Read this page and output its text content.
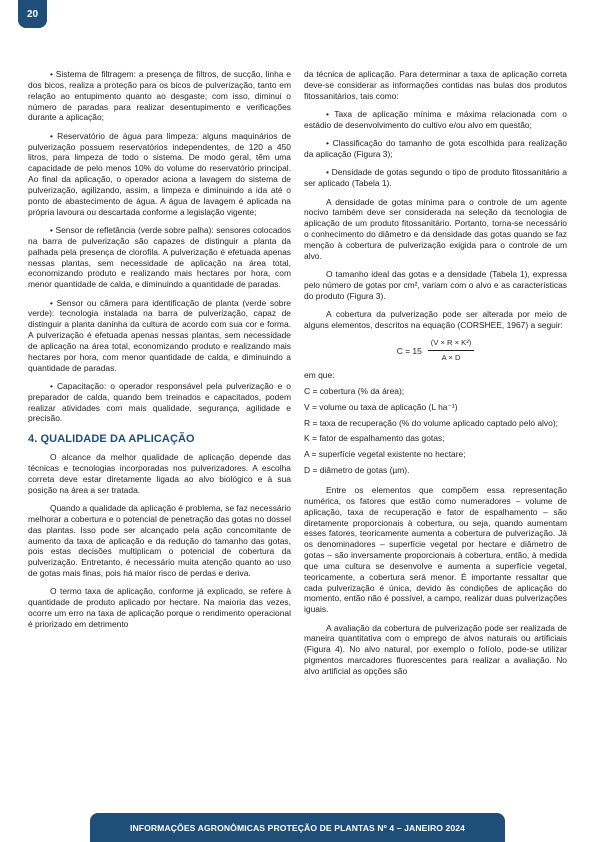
20

• Sistema de filtragem: a presença de filtros, de sucção, linha e dos bicos, realiza a proteção para os bicos de pulverização, tanto em relação ao entupimento quanto ao desgaste; com isso, diminui o número de paradas para realizar desentupimento e verificações durante a aplicação;

• Reservatório de água para limpeza: alguns maquinários de pulverização possuem reservatórios independentes, de 120 a 450 litros, para limpeza de todo o sistema. De modo geral, têm uma capacidade de pelo menos 10% do volume do reservatório principal. Ao final da aplicação, o operador aciona a lavagem do sistema de pulverização, agilizando, assim, a limpeza e diminuindo a ida até o ponto de abastecimento de água. A água de lavagem é aplicada na própria lavoura ou descartada conforme a legislação vigente;

• Sensor de refletância (verde sobre palha): sensores colocados na barra de pulverização são capazes de distinguir a planta da palhada pela presença de clorofila. A pulverização é efetuada apenas nessas plantas, sem necessidade de aplicação na área total, economizando produto e realizando mais hectares por hora, com menor quantidade de calda, e diminuindo a quantidade de paradas.

• Sensor ou câmera para identificação de planta (verde sobre verde): tecnologia instalada na barra de pulverização, capaz de distinguir a planta daninha da cultura de acordo com sua cor e forma. A pulverização é efetuada apenas nessas plantas, sem necessidade de aplicação na área total, economizando produto e realizando mais hectares por hora, com menor quantidade de calda, e diminuindo a quantidade de paradas.

• Capacitação: o operador responsável pela pulverização e o preparador de calda, quando bem treinados e capacitados, podem realizar atividades com mais qualidade, segurança, agilidade e precisão.

4. QUALIDADE DA APLICAÇÃO

O alcance da melhor qualidade de aplicação depende das técnicas e tecnologias incorporadas nos pulverizadores. A escolha correta deve estar diretamente ligada ao alvo biológico e à sua posição na área a ser tratada.

Quando a qualidade da aplicação é problema, se faz necessário melhorar a cobertura e o potencial de penetração das gotas no dossel das plantas. Isso pode ser alcançado pela ação concomitante de aumento da taxa de aplicação e da redução do tamanho das gotas, pois estas decisões multiplicam o potencial de cobertura da pulverização. Entretanto, é necessário muita atenção quanto ao uso de gotas mais finas, pois há maior risco de perdas e deriva.

O termo taxa de aplicação, conforme já explicado, se refere à quantidade de produto aplicado por hectare. Na maioria das vezes, ocorre um erro na taxa de aplicação porque o rendimento operacional é priorizado em detrimento

da técnica de aplicação. Para determinar a taxa de aplicação correta deve-se considerar as informações contidas nas bulas dos produtos fitossanitários, tais como:

• Taxa de aplicação mínima e máxima relacionada com o estádio de desenvolvimento do cultivo e/ou alvo em questão;

• Classificação do tamanho de gota escolhida para realização da aplicação (Figura 3);

• Densidade de gotas segundo o tipo de produto fitossanitário a ser aplicado (Tabela 1).

A densidade de gotas mínima para o controle de um agente nocivo também deve ser considerada na seleção da tecnologia de aplicação de um produto fitossanitário. Portanto, torna-se necessário o conhecimento do diâmetro e da densidade das gotas quando se faz menção à cobertura de pulverização exigida para o controle de um alvo.

O tamanho ideal das gotas e a densidade (Tabela 1), expressa pelo número de gotas por cm², variam com o alvo e as características do produto (Figura 3).

A cobertura da pulverização pode ser alterada por meio de alguns elementos, descritos na equação (CORSHEE, 1967) a seguir:

$C = 15 \frac{\text{(V × R × K²)}}{A \times D}$

em que:

C = cobertura (% da área);

V = volume ou taxa de aplicação (L ha⁻¹)

R = taxa de recuperação (% do volume aplicado captado pelo alvo);

K = fator de espalhamento das gotas;

A = superfície vegetal existente no hectare;

D = diâmetro de gotas (µm).

Entre os elementos que compõem essa representação numérica, os fatores que estão como numeradores – volume de aplicação, taxa de recuperação e fator de espalhamento – são diretamente proporcionais à cobertura, ou seja, quando aumentam esses fatores, teoricamente aumenta a cobertura de pulverização. Já os denominadores – superfície vegetal por hectare e diâmetro de gotas – são inversamente proporcionais à cobertura, então, à medida que uma cultura se desenvolve e aumenta a superfície vegetal, teoricamente, a cobertura será menor. É importante ressaltar que cada pulverização é única, devido às condições de aplicação do momento, então não é possível, a campo, realizar duas pulverizações iguais.

A avaliação da cobertura de pulverização pode ser realizada de maneira quantitativa com o emprego de alvos naturais ou artificiais (Figura 4). No alvo natural, por exemplo o folíolo, pode-se utilizar pigmentos marcadores fluorescentes para realizar a avaliação. No alvo artificial as opções são

INFORMAÇÕES AGRONÔMICAS PROTEÇÃO DE PLANTAS Nº 4 – JANEIRO 2024
